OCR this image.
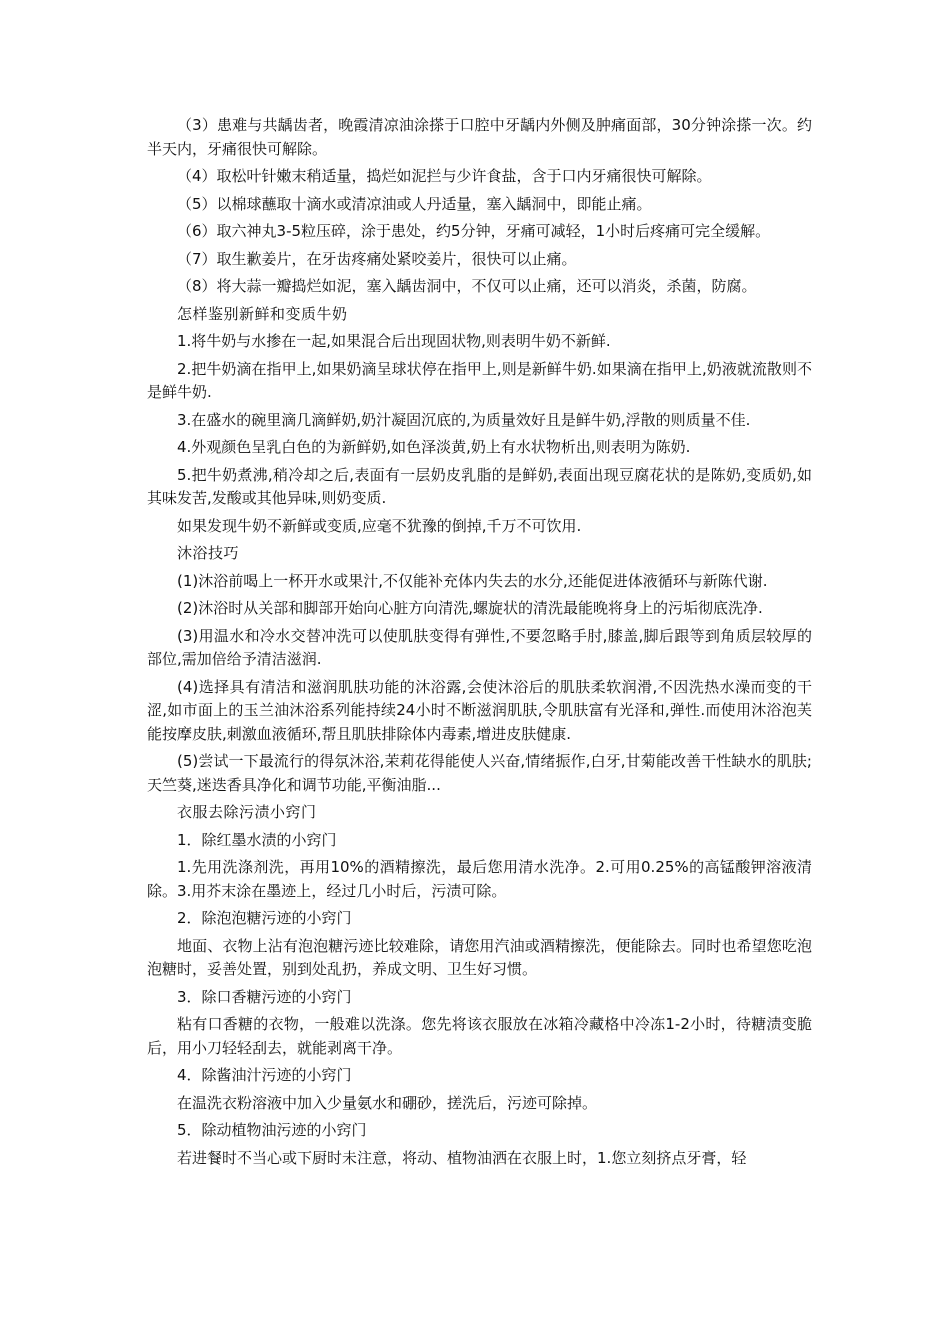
（3）患难与共龋齿者，晚霞清凉油涂搽于口腔中牙龋内外侧及肿痛面部，30分钟涂搽一次。约半天内，牙痛很快可解除。

（4）取松叶针嫩末稍适量，捣烂如泥拦与少许食盐，含于口内牙痛很快可解除。

（5）以棉球蘸取十滴水或清凉油或人丹适量，塞入龋洞中，即能止痛。

（6）取六神丸3-5粒压碎，涂于患处，约5分钟，牙痛可减轻，1小时后疼痛可完全缓解。

（7）取生歉姜片，在牙齿疼痛处紧咬姜片，很快可以止痛。

（8）将大蒜一瓣捣烂如泥，塞入龋齿洞中，不仅可以止痛，还可以消炎，杀菌，防腐。

怎样鉴别新鲜和变质牛奶

1.将牛奶与水掺在一起,如果混合后出现固状物,则表明牛奶不新鲜.

2.把牛奶滴在指甲上,如果奶滴呈球状停在指甲上,则是新鲜牛奶.如果滴在指甲上,奶液就流散则不是鲜牛奶.

3.在盛水的碗里滴几滴鲜奶,奶汁凝固沉底的,为质量效好且是鲜牛奶,浮散的则质量不佳.

4.外观颜色呈乳白色的为新鲜奶,如色泽淡黄,奶上有水状物析出,则表明为陈奶.

5.把牛奶煮沸,稍冷却之后,表面有一层奶皮乳脂的是鲜奶,表面出现豆腐花状的是陈奶,变质奶,如其味发苦,发酸或其他异味,则奶变质.

如果发现牛奶不新鲜或变质,应毫不犹豫的倒掉,千万不可饮用.

沐浴技巧

(1)沐浴前喝上一杯开水或果汁,不仅能补充体内失去的水分,还能促进体液循环与新陈代谢.

(2)沐浴时从关部和脚部开始向心脏方向清洗,螺旋状的清洗最能晚将身上的污垢彻底洗净.

(3)用温水和冷水交替冲洗可以使肌肤变得有弹性,不要忽略手肘,膝盖,脚后跟等到角质层较厚的部位,需加倍给予清洁滋润.

(4)选择具有清洁和滋润肌肤功能的沐浴露,会使沐浴后的肌肤柔软润滑,不因洗热水澡而变的干涩,如市面上的玉兰油沐浴系列能持续24小时不断滋润肌肤,令肌肤富有光泽和,弹性.而使用沐浴泡芙能按摩皮肤,刺激血液循环,帮且肌肤排除体内毒素,增进皮肤健康.

(5)尝试一下最流行的得氛沐浴,茉莉花得能使人兴奋,情绪振作,白牙,甘菊能改善干性缺水的肌肤;天竺葵,迷迭香具净化和调节功能,平衡油脂...

衣服去除污渍小窍门

1．除红墨水渍的小窍门

1.先用洗涤剂洗，再用10%的酒精擦洗，最后您用清水洗净。2.可用0.25%的高锰酸钾溶液清除。3.用芥末涂在墨迹上，经过几小时后，污渍可除。

2．除泡泡糖污迹的小窍门

地面、衣物上沾有泡泡糖污迹比较难除，请您用汽油或酒精擦洗，便能除去。同时也希望您吃泡泡糖时，妥善处置，别到处乱扔，养成文明、卫生好习惯。

3．除口香糖污迹的小窍门

粘有口香糖的衣物，一般难以洗涤。您先将该衣服放在冰箱冷藏格中冷冻1-2小时，待糖渍变脆后，用小刀轻轻刮去，就能剥离干净。

4．除酱油汁污迹的小窍门

在温洗衣粉溶液中加入少量氨水和硼砂，搓洗后，污迹可除掉。

5．除动植物油污迹的小窍门

若进餐时不当心或下厨时未注意，将动、植物油洒在衣服上时，1.您立刻挤点牙膏，轻
